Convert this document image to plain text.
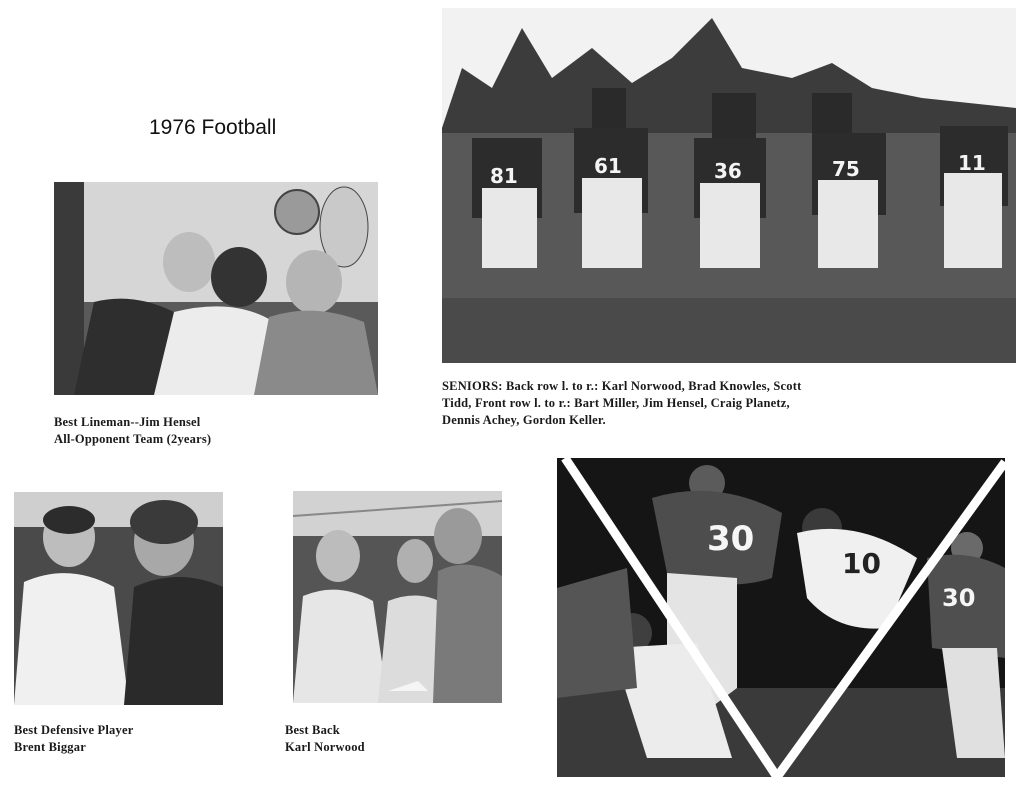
1976 Football
Best Lineman--Jim Hensel
All-Opponent Team (2years)
81	61	36	75	11
SENIORS: Back row l. to r.: Karl Norwood, Brad Knowles, Scott
Tidd, Front row l. to r.: Bart Miller, Jim Hensel, Craig Planetz,
Dennis Achey, Gordon Keller.
Best Defensive Player
Brent Biggar
Best Back
Karl Norwood
30
10
30
